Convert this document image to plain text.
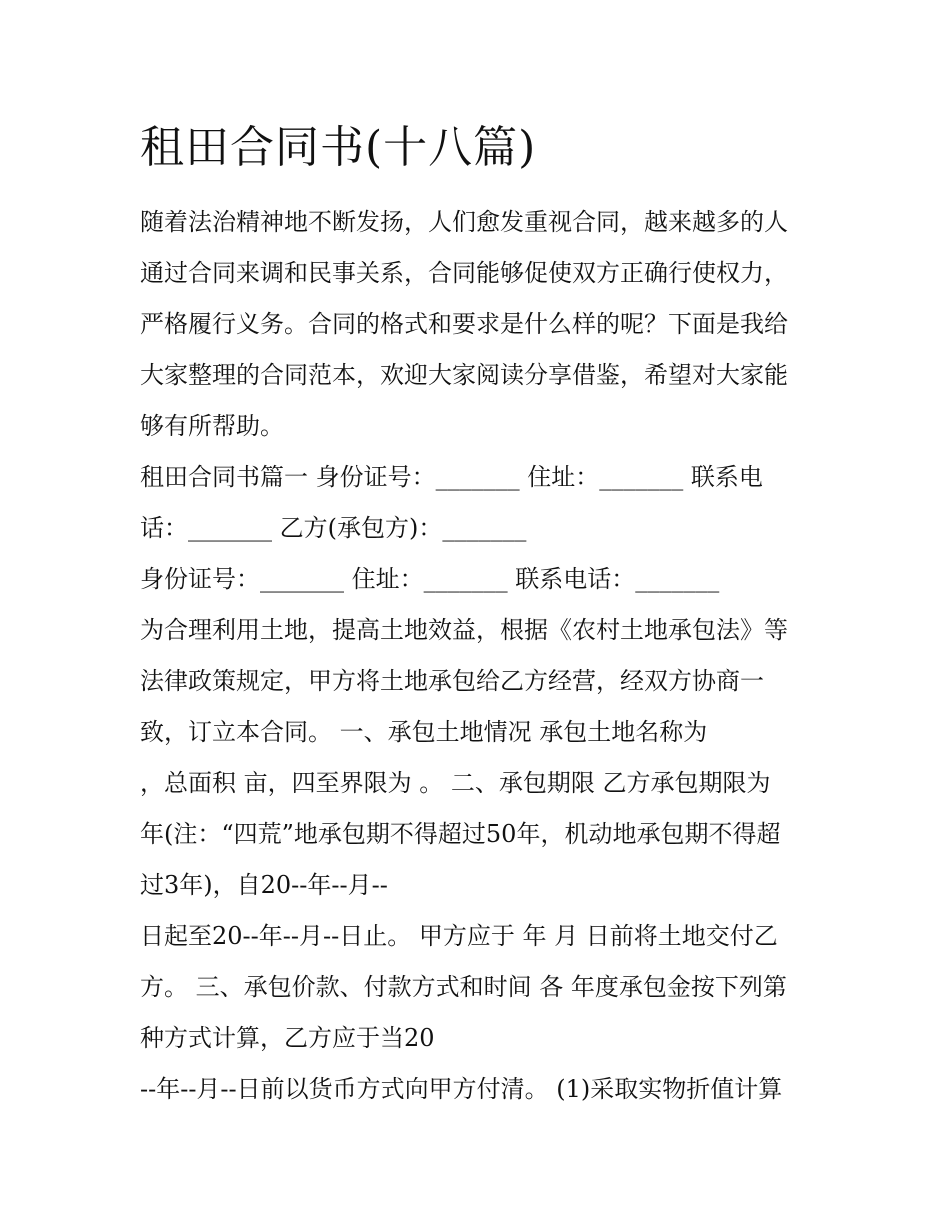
租田合同书(十八篇)

随着法治精神地不断发扬，人们愈发重视合同，越来越多的人

通过合同来调和民事关系，合同能够促使双方正确行使权力，

严格履行义务。合同的格式和要求是什么样的呢？下面是我给

大家整理的合同范本，欢迎大家阅读分享借鉴，希望对大家能

够有所帮助。

租田合同书篇一 身份证号：_______ 住址：_______ 联系电

话：_______ 乙方(承包方)：_______

身份证号：_______ 住址：_______ 联系电话：_______

为合理利用土地，提高土地效益，根据《农村土地承包法》等

法律政策规定，甲方将土地承包给乙方经营，经双方协商一

致，订立本合同。 一、承包土地情况 承包土地名称为

，总面积 亩，四至界限为 。 二、承包期限 乙方承包期限为

年(注：“四荒”地承包期不得超过50年，机动地承包期不得超

过3年)，自20--年--月--

日起至20--年--月--日止。 甲方应于 年 月 日前将土地交付乙

方。 三、承包价款、付款方式和时间 各 年度承包金按下列第

种方式计算，乙方应于当20

--年--月--日前以货币方式向甲方付清。 (1)采取实物折值计算
